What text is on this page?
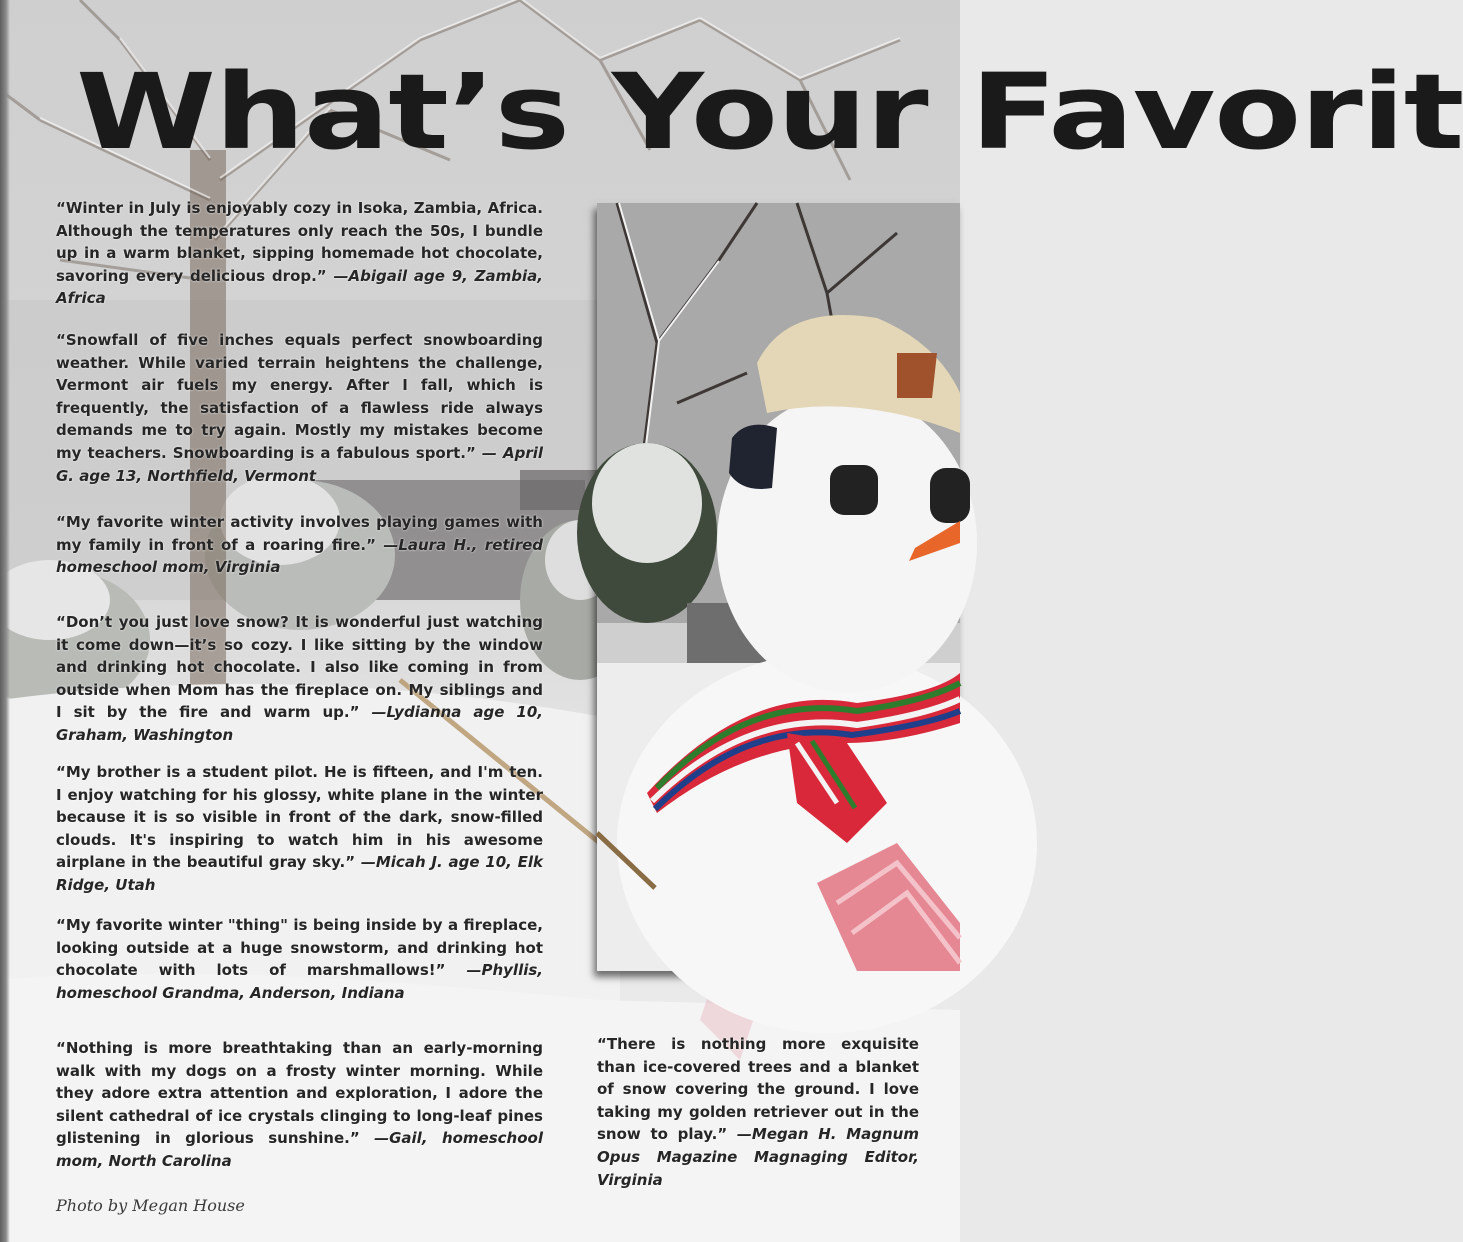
What’s Your Favorit
“Winter in July is enjoyably cozy in Isoka, Zambia, Africa. Although the temperatures only reach the 50s, I bundle up in a warm blanket, sipping homemade hot chocolate, savoring every delicious drop.” —Abigail age 9, Zambia, Africa
“Snowfall of five inches equals perfect snowboarding weather. While varied terrain heightens the challenge, Vermont air fuels my energy. After I fall, which is frequently, the satisfaction of a flawless ride always demands me to try again. Mostly my mistakes become my teachers. Snowboarding is a fabulous sport.” — April G. age 13, Northfield, Vermont
“My favorite winter activity involves playing games with my family in front of a roaring fire.” —Laura H., retired homeschool mom, Virginia
“Don’t you just love snow? It is wonderful just watching it come down—it’s so cozy. I like sitting by the window and drinking hot chocolate. I also like coming in from outside when Mom has the fireplace on. My siblings and I sit by the fire and warm up.” —Lydianna age 10, Graham, Washington
“My brother is a student pilot. He is fifteen, and I'm ten. I enjoy watching for his glossy, white plane in the winter because it is so visible in front of the dark, snow-filled clouds. It's inspiring to watch him in his awesome airplane in the beautiful gray sky.” —Micah J. age 10, Elk Ridge, Utah
“My favorite winter "thing" is being inside by a fireplace, looking outside at a huge snowstorm, and drinking hot chocolate with lots of marshmallows!” —Phyllis, homeschool Grandma, Anderson, Indiana
“Nothing is more breathtaking than an early-morning walk with my dogs on a frosty winter morning. While they adore extra attention and exploration, I adore the silent cathedral of ice crystals clinging to long-leaf pines glistening in glorious sunshine.” —Gail, homeschool mom, North Carolina
“There is nothing more exquisite than ice-covered trees and a blanket of snow covering the ground. I love taking my golden retriever out in the snow to play.” —Megan H. Magnum Opus Magazine Magnaging Editor, Virginia
Photo by Megan House
